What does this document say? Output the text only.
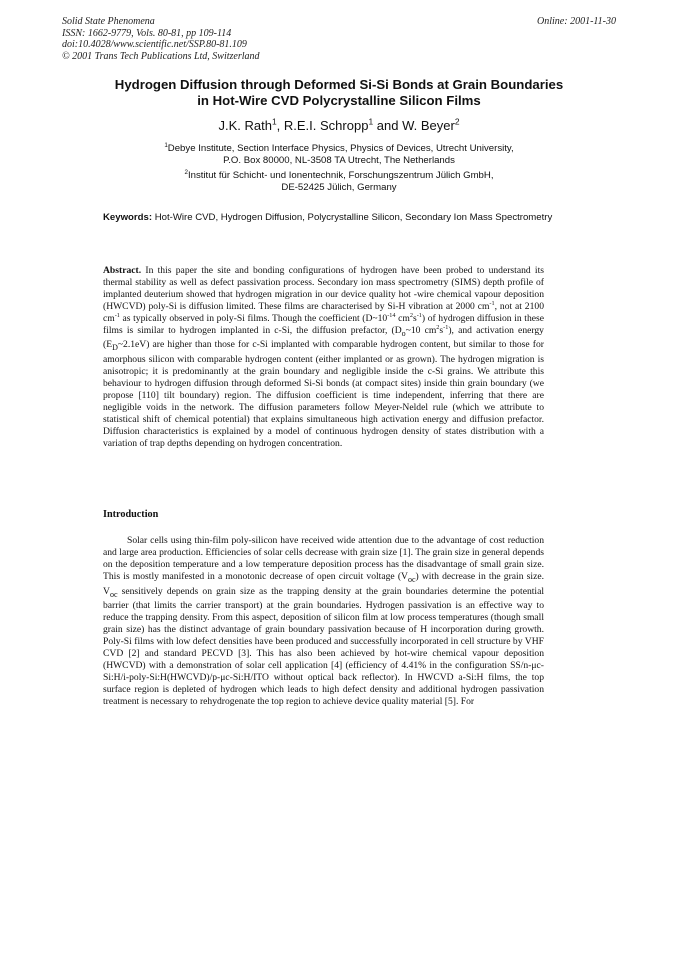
Solid State Phenomena
ISSN: 1662-9779, Vols. 80-81, pp 109-114
doi:10.4028/www.scientific.net/SSP.80-81.109
© 2001 Trans Tech Publications Ltd, Switzerland
Online: 2001-11-30
Hydrogen Diffusion through Deformed Si-Si Bonds at Grain Boundaries
in Hot-Wire CVD Polycrystalline Silicon Films
J.K. Rath$^1$, R.E.I. Schropp$^1$ and W. Beyer$^2$
$^1$Debye Institute, Section Interface Physics, Physics of Devices, Utrecht University,
P.O. Box 80000, NL-3508 TA Utrecht, The Netherlands
$^2$Institut für Schicht- und Ionentechnik, Forschungszentrum Jülich GmbH,
DE-52425 Jülich, Germany
Keywords: Hot-Wire CVD, Hydrogen Diffusion, Polycrystalline Silicon, Secondary Ion Mass Spectrometry
Abstract. In this paper the site and bonding configurations of hydrogen have been probed to understand its thermal stability as well as defect passivation process. Secondary ion mass spectrometry (SIMS) depth profile of implanted deuterium showed that hydrogen migration in our device quality hot -wire chemical vapour deposition (HWCVD) poly-Si is diffusion limited. These films are characterised by Si-H vibration at 2000 $cm^{-1}$, not at 2100 $cm^{-1}$ as typically observed in poly-Si films. Though the coefficient ($D\sim 10^{-14}$ $cm^2s^{-1}$) of hydrogen diffusion in these films is similar to hydrogen implanted in c-Si, the diffusion prefactor, ($D_o\sim 10$ $cm^2s^{-1}$), and activation energy $(E_D\sim 2.1eV)$ are higher than those for c-Si implanted with comparable hydrogen content, but similar to those for amorphous silicon with comparable hydrogen content (either implanted or as grown). The hydrogen migration is anisotropic; it is predominantly at the grain boundary and negligible inside the c-Si grains. We attribute this behaviour to hydrogen diffusion through deformed Si-Si bonds (at compact sites) inside thin grain boundary (we propose [110] tilt boundary) region. The diffusion coefficient is time independent, inferring that there are negligible voids in the network. The diffusion parameters follow Meyer-Neldel rule (which we attribute to statistical shift of chemical potential) that explains simultaneous high activation energy and diffusion prefactor. Diffusion characteristics is explained by a model of continuous hydrogen density of states distribution with a variation of trap depths depending on hydrogen concentration.
Introduction
Solar cells using thin-film poly-silicon have received wide attention due to the advantage of cost reduction and large area production. Efficiencies of solar cells decrease with grain size [1]. The grain size in general depends on the deposition temperature and a low temperature deposition process has the disadvantage of small grain size. This is mostly manifested in a monotonic decrease of open circuit voltage $(V_{oc})$ with decrease in the grain size. $V_{oc}$ sensitively depends on grain size as the trapping density at the grain boundaries determine the potential barrier (that limits the carrier transport) at the grain boundaries. Hydrogen passivation is an effective way to reduce the trapping density. From this aspect, deposition of silicon film at low process temperatures (though small grain size) has the distinct advantage of grain boundary passivation because of H incorporation during growth. Poly-Si films with low defect densities have been produced and successfully incorporated in cell structure by VHF CVD [2] and standard PECVD [3]. This has also been achieved by hot-wire chemical vapour deposition (HWCVD) with a demonstration of solar cell application [4] (efficiency of 4.41% in the configuration SS/n-μc-Si:H/i-poly-Si:H(HWCVD)/p-μc-Si:H/ITO without optical back reflector). In HWCVD a-Si:H films, the top surface region is depleted of hydrogen which leads to high defect density and additional hydrogen passivation treatment is necessary to rehydrogenate the top region to achieve device quality material [5]. For
